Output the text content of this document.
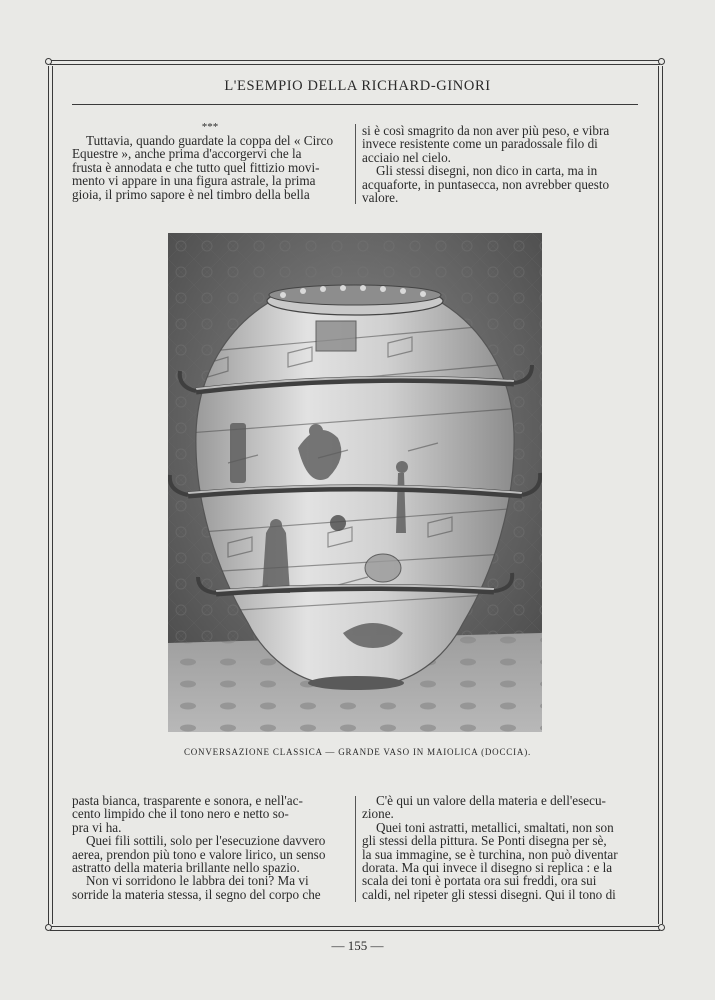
L'ESEMPIO DELLA RICHARD-GINORI
***

Tuttavia, quando guardate la coppa del « Circo

Equestre », anche prima d'accorgervi che la

frusta è annodata e che tutto quel fittizio movi-

mento vi appare in una figura astrale, la prima

gioia, il primo sapore è nel timbro della bella

si è così smagrito da non aver più peso, e vibra

invece resistente come un paradossale filo di

acciaio nel cielo.

Gli stessi disegni, non dico in carta, ma in

acquaforte, in puntasecca, non avrebber questo

valore.

CONVERSAZIONE CLASSICA — GRANDE VASO IN MAIOLICA (DOCCIA).

pasta bianca, trasparente e sonora, e nell'ac-

cento limpido che il tono nero e netto so-

pra vi ha.

Quei fili sottili, solo per l'esecuzione davvero

aerea, prendon più tono e valore lirico, un senso

astratto della materia brillante nello spazio.

Non vi sorridono le labbra dei toni? Ma vi

sorride la materia stessa, il segno del corpo che

C'è qui un valore della materia e dell'esecu-

zione.

Quei toni astratti, metallici, smaltati, non son

gli stessi della pittura. Se Ponti disegna per sè,

la sua immagine, se è turchina, non può diventar

dorata. Ma qui invece il disegno si replica : e la

scala dei toni è portata ora sui freddi, ora sui

caldi, nel ripeter gli stessi disegni. Qui il tono di

— 155 —
